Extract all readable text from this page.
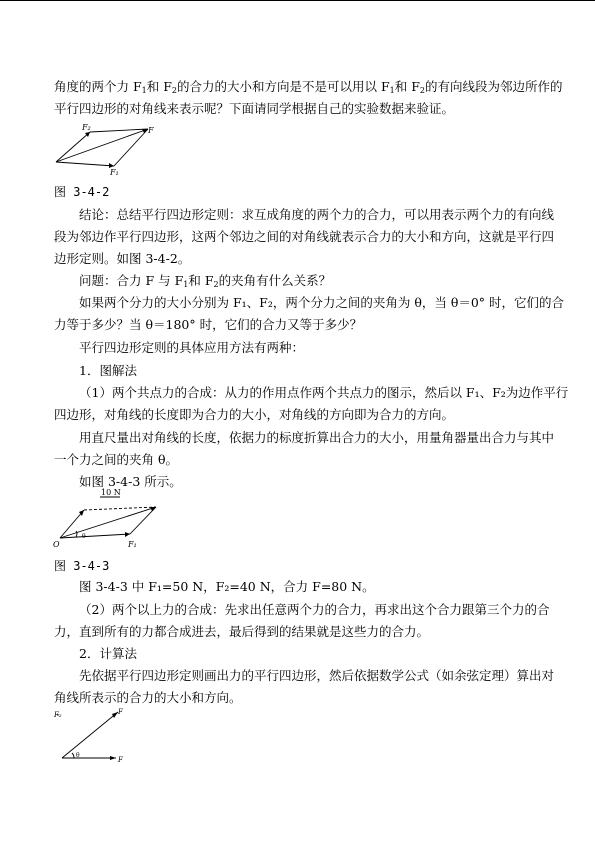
角度的两个力 $F_1$和 $F_2$的合力的大小和方向是不是可以用以 $F_1$和 $F_2$的有向线段为邻边所作的
平行四边形的对角线来表示呢？下面请同学根据自己的实验数据来验证。
F₂	F
F₁
图 3-4-2
结论：总结平行四边形定则：求互成角度的两个力的合力，可以用表示两个力的有向线
段为邻边作平行四边形，这两个邻边之间的对角线就表示合力的大小和方向，这就是平行四
边形定则。如图 3-4-2。
问题：合力 F 与 $F_1$和 $F_2$的夹角有什么关系？
如果两个分力的大小分别为 F₁、F₂，两个分力之间的夹角为 θ，当 θ＝0° 时，它们的合
力等于多少？当 θ＝180° 时，它们的合力又等于多少？
平行四边形定则的具体应用方法有两种：
1．图解法
（1）两个共点力的合成：从力的作用点作两个共点力的图示，然后以 F₁、F₂为边作平行
四边形，对角线的长度即为合力的大小，对角线的方向即为合力的方向。
用直尺量出对角线的长度，依据力的标度折算出合力的大小，用量角器量出合力与其中
一个力之间的夹角 θ。
如图 3-4-3 所示。
10 N
O
θ
F₁
图 3-4-3
图 3-4-3 中 F₁=50 N，F₂=40 N，合力 F=80 N。
（2）两个以上力的合成：先求出任意两个力的合力，再求出这个合力跟第三个力的合
力，直到所有的力都合成进去，最后得到的结果就是这些力的合力。
2．计算法
先依据平行四边形定则画出力的平行四边形，然后依据数学公式（如余弦定理）算出对
角线所表示的合力的大小和方向。
F₂	F
θ
F
